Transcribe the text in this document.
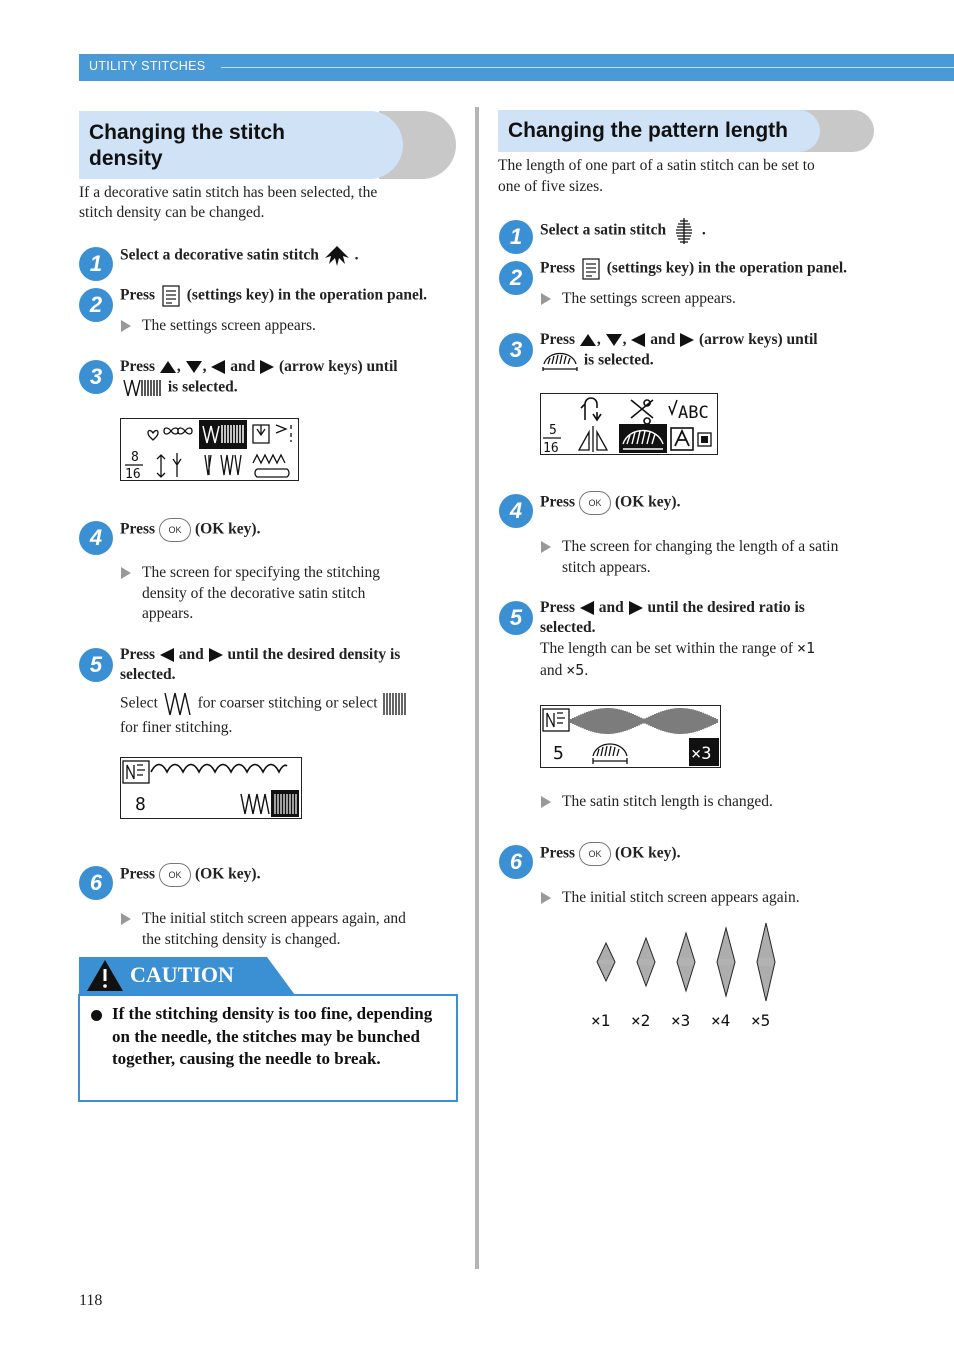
UTILITY STITCHES
Changing the stitch
density
If a decorative satin stitch has been selected, the
stitch density can be changed.
1	Select a decorative satin stitch .
2	Press (settings key) in the operation panel.
The settings screen appears.
3	Press , , and (arrow keys) until
is selected.
8
16
4	Press OK (OK key).
The screen for specifying the stitching
density of the decorative satin stitch
appears.
5	Press and until the desired density is
selected.
Select	for coarser stitching or select
for finer stitching.
8
6	Press OK (OK key).
The initial stitch screen appears again, and
the stitching density is changed.
CAUTION
If the stitching density is too fine, depending on the needle, the stitches may be bunched together, causing the needle to break.
Changing the pattern length
The length of one part of a satin stitch can be set to
one of five sizes.
1	Select a satin stitch .
2	Press (settings key) in the operation panel.
The settings screen appears.
3	Press , , and (arrow keys) until
is selected.
ABC
5
16
4	Press OK (OK key).
The screen for changing the length of a satin
stitch appears.
5	Press and until the desired ratio is
selected.
The length can be set within the range of ×1
and ×5.
5	×3
The satin stitch length is changed.
6	Press OK (OK key).
The initial stitch screen appears again.
×1 ×2 ×3 ×4 ×5
118
